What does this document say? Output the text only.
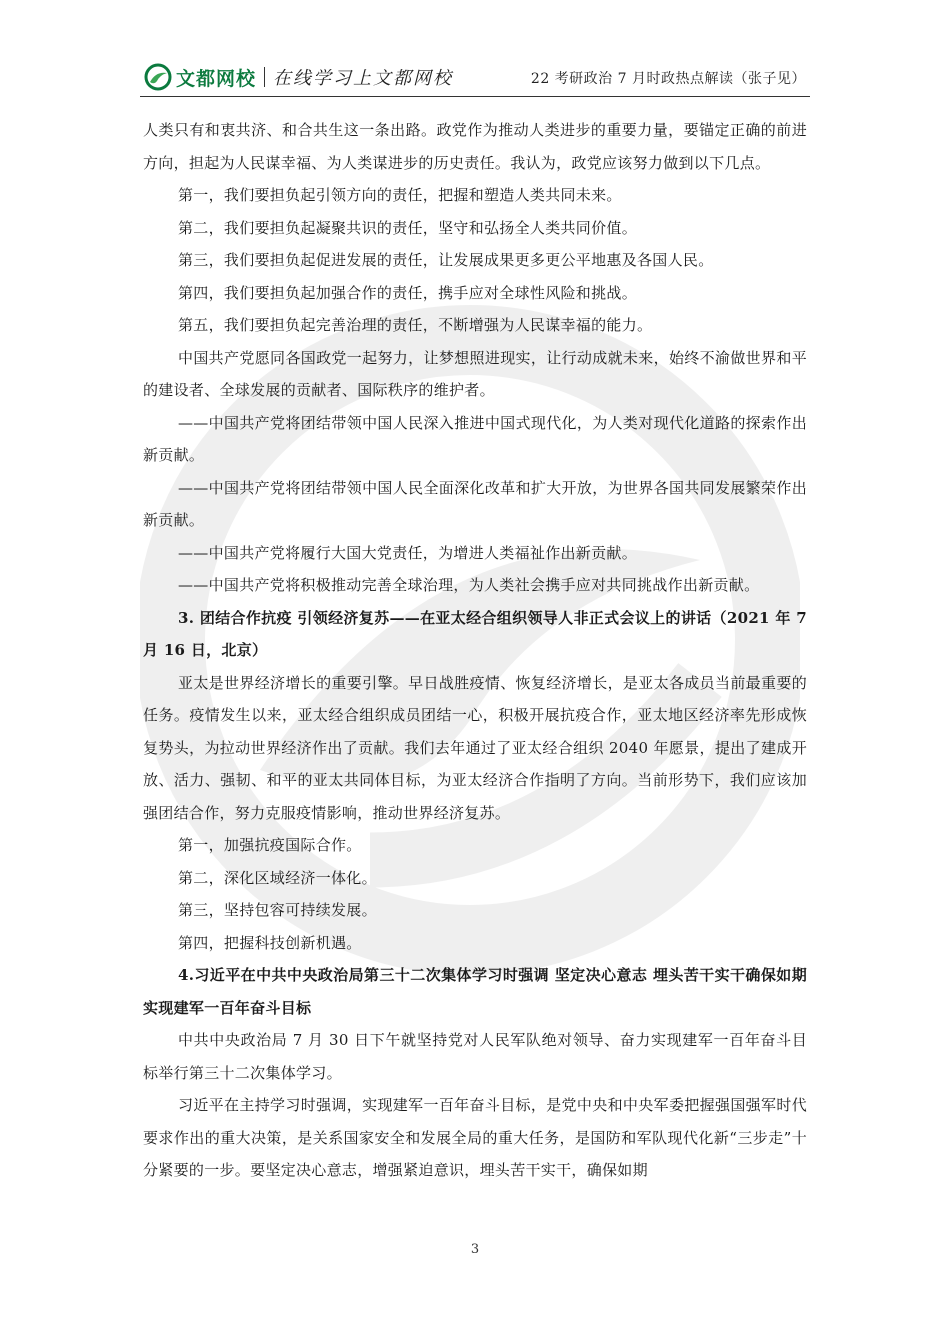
文都网校 在线学习上文都网校	22 考研政治 7 月时政热点解读（张子见）

人类只有和衷共济、和合共生这一条出路。政党作为推动人类进步的重要力量，要锚定正确的前进方向，担起为人民谋幸福、为人类谋进步的历史责任。我认为，政党应该努力做到以下几点。

第一，我们要担负起引领方向的责任，把握和塑造人类共同未来。

第二，我们要担负起凝聚共识的责任，坚守和弘扬全人类共同价值。

第三，我们要担负起促进发展的责任，让发展成果更多更公平地惠及各国人民。

第四，我们要担负起加强合作的责任，携手应对全球性风险和挑战。

第五，我们要担负起完善治理的责任，不断增强为人民谋幸福的能力。

中国共产党愿同各国政党一起努力，让梦想照进现实，让行动成就未来，始终不渝做世界和平的建设者、全球发展的贡献者、国际秩序的维护者。

——中国共产党将团结带领中国人民深入推进中国式现代化，为人类对现代化道路的探索作出新贡献。

——中国共产党将团结带领中国人民全面深化改革和扩大开放，为世界各国共同发展繁荣作出新贡献。

——中国共产党将履行大国大党责任，为增进人类福祉作出新贡献。

——中国共产党将积极推动完善全球治理，为人类社会携手应对共同挑战作出新贡献。

3. 团结合作抗疫 引领经济复苏——在亚太经合组织领导人非正式会议上的讲话（2021 年 7 月 16 日，北京）

亚太是世界经济增长的重要引擎。早日战胜疫情、恢复经济增长，是亚太各成员当前最重要的任务。疫情发生以来，亚太经合组织成员团结一心，积极开展抗疫合作，亚太地区经济率先形成恢复势头，为拉动世界经济作出了贡献。我们去年通过了亚太经合组织 2040 年愿景，提出了建成开放、活力、强韧、和平的亚太共同体目标，为亚太经济合作指明了方向。当前形势下，我们应该加强团结合作，努力克服疫情影响，推动世界经济复苏。

第一，加强抗疫国际合作。

第二，深化区域经济一体化。

第三，坚持包容可持续发展。

第四，把握科技创新机遇。

4.习近平在中共中央政治局第三十二次集体学习时强调 坚定决心意志 埋头苦干实干确保如期实现建军一百年奋斗目标

中共中央政治局 7 月 30 日下午就坚持党对人民军队绝对领导、奋力实现建军一百年奋斗目标举行第三十二次集体学习。

习近平在主持学习时强调，实现建军一百年奋斗目标，是党中央和中央军委把握强国强军时代要求作出的重大决策，是关系国家安全和发展全局的重大任务，是国防和军队现代化新“三步走”十分紧要的一步。要坚定决心意志，增强紧迫意识，埋头苦干实干，确保如期

3
